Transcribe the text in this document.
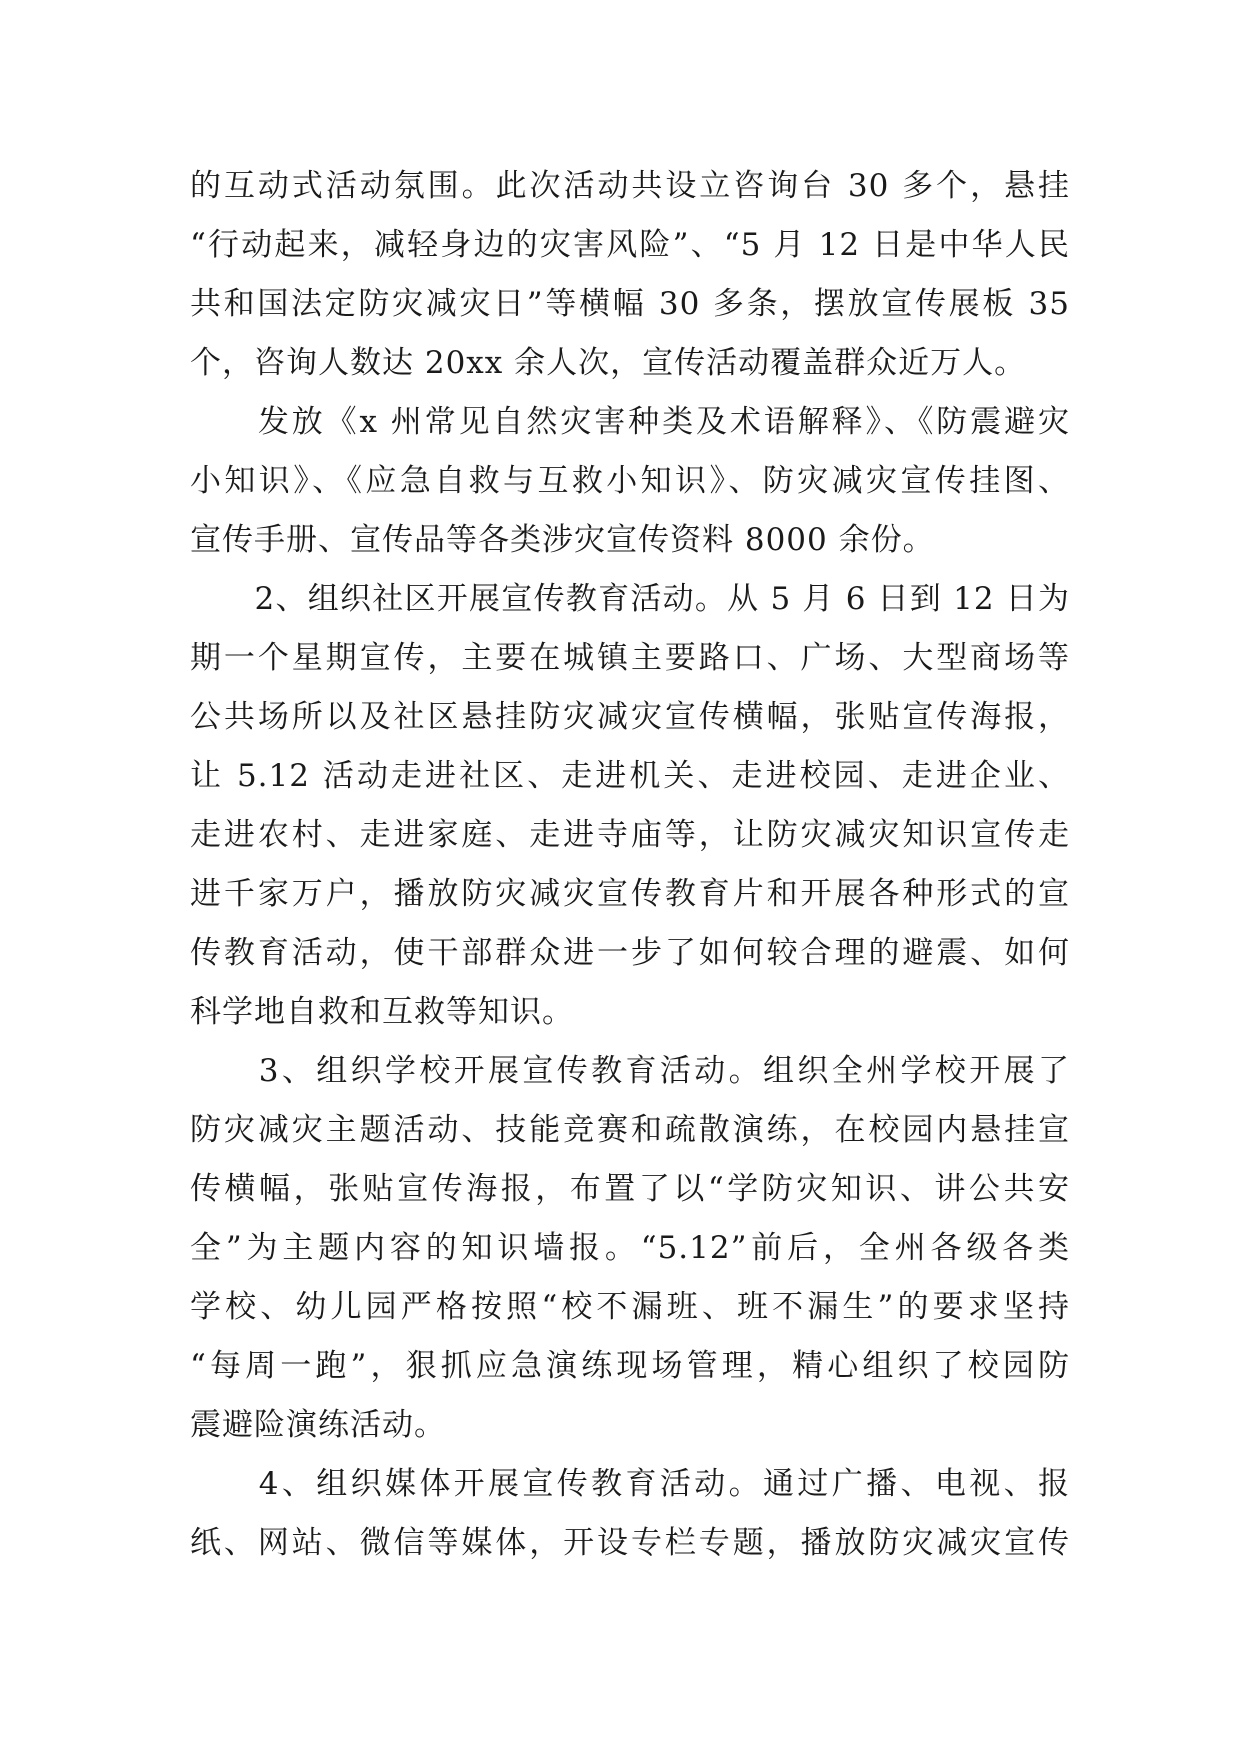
的互动式活动氛围。此次活动共设立咨询台 30 多个，悬挂
“行动起来，减轻身边的灾害风险”、“5 月 12 日是中华人民
共和国法定防灾减灾日”等横幅 30 多条，摆放宣传展板 35
个，咨询人数达 20xx 余人次，宣传活动覆盖群众近万人。
　　发放《x 州常见自然灾害种类及术语解释》、《防震避灾
小知识》、《应急自救与互救小知识》、防灾减灾宣传挂图、
宣传手册、宣传品等各类涉灾宣传资料 8000 余份。
　　2、组织社区开展宣传教育活动。从 5 月 6 日到 12 日为
期一个星期宣传，主要在城镇主要路口、广场、大型商场等
公共场所以及社区悬挂防灾减灾宣传横幅，张贴宣传海报，
让 5.12 活动走进社区、走进机关、走进校园、走进企业、
走进农村、走进家庭、走进寺庙等，让防灾减灾知识宣传走
进千家万户，播放防灾减灾宣传教育片和开展各种形式的宣
传教育活动，使干部群众进一步了如何较合理的避震、如何
科学地自救和互救等知识。
　　3、组织学校开展宣传教育活动。组织全州学校开展了
防灾减灾主题活动、技能竞赛和疏散演练，在校园内悬挂宣
传横幅，张贴宣传海报，布置了以“学防灾知识、讲公共安
全”为主题内容的知识墙报。“5.12”前后，全州各级各类
学校、幼儿园严格按照“校不漏班、班不漏生”的要求坚持
“每周一跑”，狠抓应急演练现场管理，精心组织了校园防
震避险演练活动。
　　4、组织媒体开展宣传教育活动。通过广播、电视、报
纸、网站、微信等媒体，开设专栏专题，播放防灾减灾宣传
